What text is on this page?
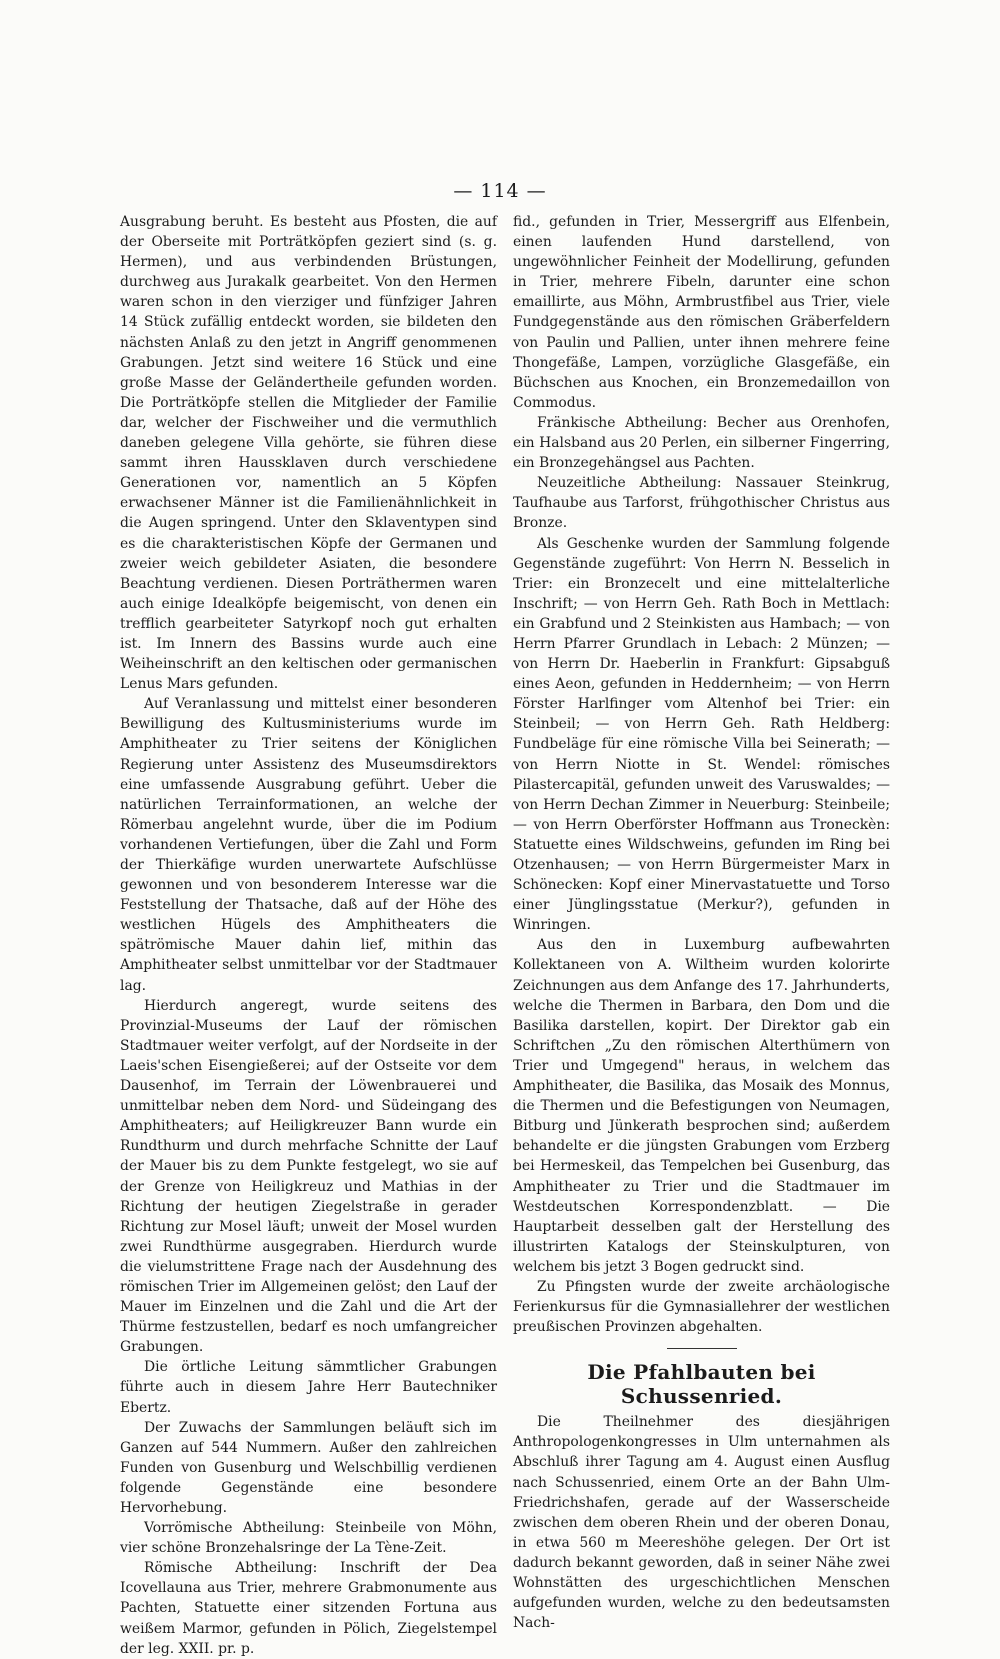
— 114 —

Ausgrabung beruht. Es besteht aus Pfosten, die auf der Oberseite mit Porträtköpfen geziert sind (s. g. Hermen), und aus verbindenden Brüstungen, durchweg aus Jurakalk gearbeitet. Von den Hermen waren schon in den vierziger und fünfziger Jahren 14 Stück zufällig entdeckt worden, sie bildeten den nächsten Anlaß zu den jetzt in Angriff genommenen Grabungen. Jetzt sind weitere 16 Stück und eine große Masse der Geländertheile gefunden worden. Die Porträtköpfe stellen die Mitglieder der Familie dar, welcher der Fischweiher und die vermuthlich daneben gelegene Villa gehörte, sie führen diese sammt ihren Haussklaven durch verschiedene Generationen vor, namentlich an 5 Köpfen erwachsener Männer ist die Familienähnlichkeit in die Augen springend. Unter den Sklaventypen sind es die charakteristischen Köpfe der Germanen und zweier weich gebildeter Asiaten, die besondere Beachtung verdienen. Diesen Porträthermen waren auch einige Idealköpfe beigemischt, von denen ein trefflich gearbeiteter Satyrkopf noch gut erhalten ist. Im Innern des Bassins wurde auch eine Weiheinschrift an den keltischen oder germanischen Lenus Mars gefunden.

Auf Veranlassung und mittelst einer besonderen Bewilligung des Kultusministeriums wurde im Amphitheater zu Trier seitens der Königlichen Regierung unter Assistenz des Museumsdirektors eine umfassende Ausgrabung geführt. Ueber die natürlichen Terrainformationen, an welche der Römerbau angelehnt wurde, über die im Podium vorhandenen Vertiefungen, über die Zahl und Form der Thierkäfige wurden unerwartete Aufschlüsse gewonnen und von besonderem Interesse war die Feststellung der Thatsache, daß auf der Höhe des westlichen Hügels des Amphitheaters die spätrömische Mauer dahin lief, mithin das Amphitheater selbst unmittelbar vor der Stadtmauer lag.

Hierdurch angeregt, wurde seitens des Provinzial-Museums der Lauf der römischen Stadtmauer weiter verfolgt, auf der Nordseite in der Laeis'schen Eisengießerei; auf der Ostseite vor dem Dausenhof, im Terrain der Löwenbrauerei und unmittelbar neben dem Nord- und Südeingang des Amphitheaters; auf Heiligkreuzer Bann wurde ein Rundthurm und durch mehrfache Schnitte der Lauf der Mauer bis zu dem Punkte festgelegt, wo sie auf der Grenze von Heiligkreuz und Mathias in der Richtung der heutigen Ziegelstraße in gerader Richtung zur Mosel läuft; unweit der Mosel wurden zwei Rundthürme ausgegraben. Hierdurch wurde die vielumstrittene Frage nach der Ausdehnung des römischen Trier im Allgemeinen gelöst; den Lauf der Mauer im Einzelnen und die Zahl und die Art der Thürme festzustellen, bedarf es noch umfangreicher Grabungen.

Die örtliche Leitung sämmtlicher Grabungen führte auch in diesem Jahre Herr Bautechniker Ebertz.

Der Zuwachs der Sammlungen beläuft sich im Ganzen auf 544 Nummern. Außer den zahlreichen Funden von Gusenburg und Welschbillig verdienen folgende Gegenstände eine besondere Hervorhebung.

Vorrömische Abtheilung: Steinbeile von Möhn, vier schöne Bronzehalsringe der La Tène-Zeit.

Römische Abtheilung: Inschrift der Dea Icovellauna aus Trier, mehrere Grabmonumente aus Pachten, Statuette einer sitzenden Fortuna aus weißem Marmor, gefunden in Pölich, Ziegelstempel der leg. XXII. pr. p.

fid., gefunden in Trier, Messergriff aus Elfenbein, einen laufenden Hund darstellend, von ungewöhnlicher Feinheit der Modellirung, gefunden in Trier, mehrere Fibeln, darunter eine schon emaillirte, aus Möhn, Armbrustfibel aus Trier, viele Fundgegenstände aus den römischen Gräberfeldern von Paulin und Pallien, unter ihnen mehrere feine Thongefäße, Lampen, vorzügliche Glasgefäße, ein Büchschen aus Knochen, ein Bronzemedaillon von Commodus.

Fränkische Abtheilung: Becher aus Orenhofen, ein Halsband aus 20 Perlen, ein silberner Fingerring, ein Bronzegehängsel aus Pachten.

Neuzeitliche Abtheilung: Nassauer Steinkrug, Taufhaube aus Tarforst, frühgothischer Christus aus Bronze.

Als Geschenke wurden der Sammlung folgende Gegenstände zugeführt: Von Herrn N. Besselich in Trier: ein Bronzecelt und eine mittelalterliche Inschrift; — von Herrn Geh. Rath Boch in Mettlach: ein Grabfund und 2 Steinkisten aus Hambach; — von Herrn Pfarrer Grundlach in Lebach: 2 Münzen; — von Herrn Dr. Haeberlin in Frankfurt: Gipsabguß eines Aeon, gefunden in Heddernheim; — von Herrn Förster Harlfinger vom Altenhof bei Trier: ein Steinbeil; — von Herrn Geh. Rath Heldberg: Fundbeläge für eine römische Villa bei Seinerath; — von Herrn Niotte in St. Wendel: römisches Pilastercapitäl, gefunden unweit des Varuswaldes; — von Herrn Dechan Zimmer in Neuerburg: Steinbeile; — von Herrn Oberförster Hoffmann aus Troneckèn: Statuette eines Wildschweins, gefunden im Ring bei Otzenhausen; — von Herrn Bürgermeister Marx in Schönecken: Kopf einer Minervastatuette und Torso einer Jünglingsstatue (Merkur?), gefunden in Winringen.

Aus den in Luxemburg aufbewahrten Kollektaneen von A. Wiltheim wurden kolorirte Zeichnungen aus dem Anfange des 17. Jahrhunderts, welche die Thermen in Barbara, den Dom und die Basilika darstellen, kopirt. Der Direktor gab ein Schriftchen „Zu den römischen Alterthümern von Trier und Umgegend" heraus, in welchem das Amphitheater, die Basilika, das Mosaik des Monnus, die Thermen und die Befestigungen von Neumagen, Bitburg und Jünkerath besprochen sind; außerdem behandelte er die jüngsten Grabungen vom Erzberg bei Hermeskeil, das Tempelchen bei Gusenburg, das Amphitheater zu Trier und die Stadtmauer im Westdeutschen Korrespondenzblatt. — Die Hauptarbeit desselben galt der Herstellung des illustrirten Katalogs der Steinskulpturen, von welchem bis jetzt 3 Bogen gedruckt sind.

Zu Pfingsten wurde der zweite archäologische Ferienkursus für die Gymnasiallehrer der westlichen preußischen Provinzen abgehalten.

Die Pfahlbauten bei Schussenried.

Die Theilnehmer des diesjährigen Anthropologenkongresses in Ulm unternahmen als Abschluß ihrer Tagung am 4. August einen Ausflug nach Schussenried, einem Orte an der Bahn Ulm-Friedrichshafen, gerade auf der Wasserscheide zwischen dem oberen Rhein und der oberen Donau, in etwa 560 m Meereshöhe gelegen. Der Ort ist dadurch bekannt geworden, daß in seiner Nähe zwei Wohnstätten des urgeschichtlichen Menschen aufgefunden wurden, welche zu den bedeutsamsten Nach-
